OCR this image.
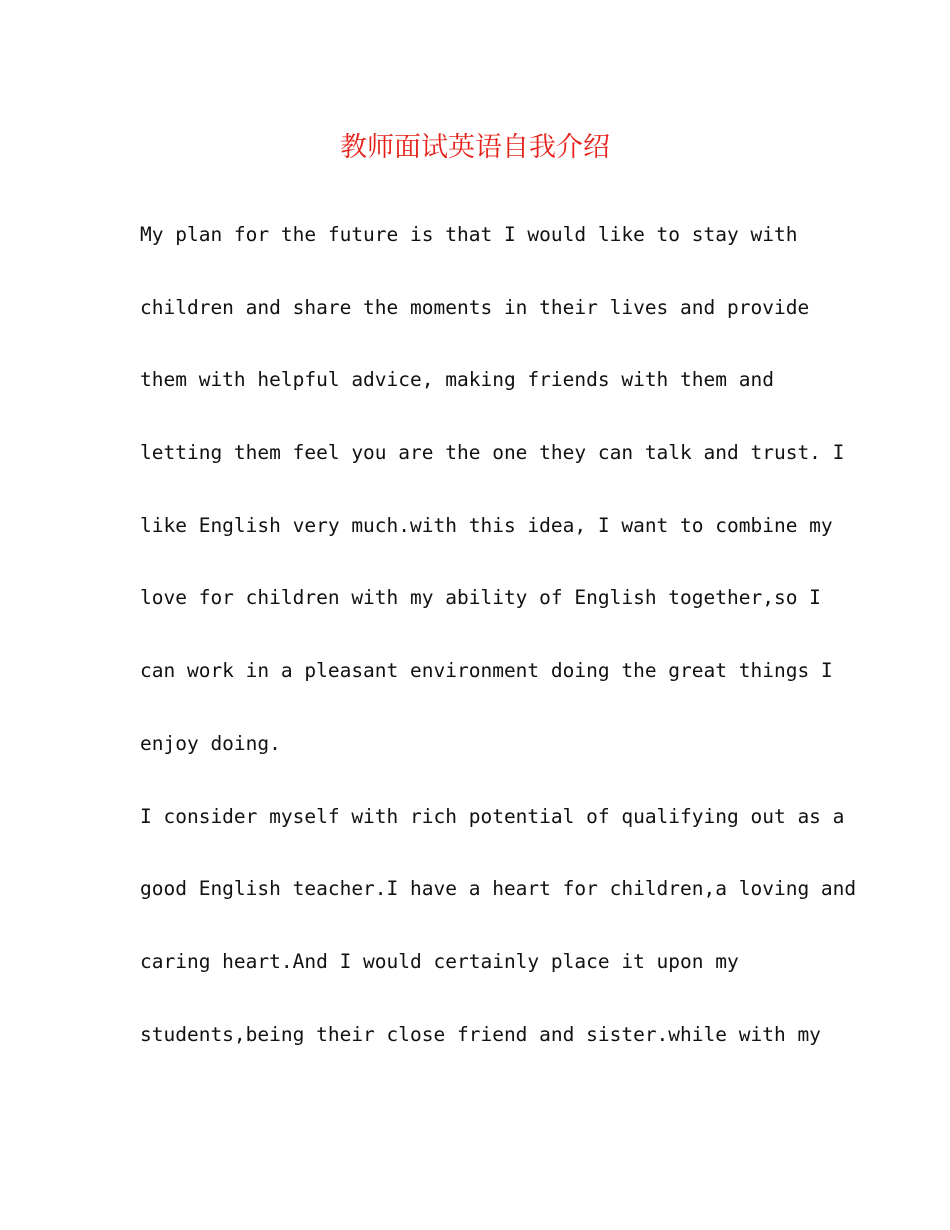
教师面试英语自我介绍
My plan for the future is that I would like to stay with
children and share the moments in their lives and provide
them with helpful advice, making friends with them and
letting them feel you are the one they can talk and trust. I
like English very much.with this idea, I want to combine my
love for children with my ability of English together,so I
can work in a pleasant environment doing the great things I
enjoy doing.
I consider myself with rich potential of qualifying out as a
good English teacher.I have a heart for children,a loving and
caring heart.And I would certainly place it upon my
students,being their close friend and sister.while with my
